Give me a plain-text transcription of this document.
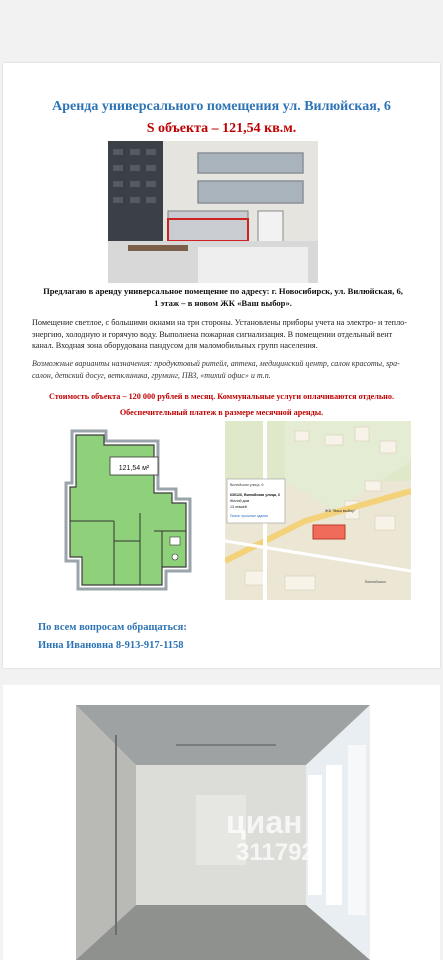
Аренда универсального помещения ул. Вилюйская, 6
S объекта – 121,54 кв.м.
Предлагаю в аренду универсальное помещение по адресу: г. Новосибирск, ул. Вилюйская, 6,
1 этаж – в новом ЖК «Ваш выбор».
Помещение светлое, с большими окнами на три стороны. Установлены приборы учета на электро- и тепло- энергию, холодную и горячую воду. Выполнена пожарная сигнализация. В помещении отдельный вент канал. Входная зона оборудована пандусом для маломобильных групп населения.
Возможные варианты назначения: продуктовый ритейл, аптека, медицинский центр, салон красоты, spa-салон, детский досуг, ветклиника, груминг, ПВЗ, «тихий офис» и т.п.
Стоимость объекта – 120 000 рублей в месяц. Коммунальные услуги оплачиваются отдельно.
Обеспечительный платеж в размере месячной аренды.
121,54 м²
ЖК "Ваш выбор"
Вилюйская
Вилюйская улица, 6
630126, Вилюйская улица, 6
Жилой дом
13 этажей
Поиск: прошлые здания
По всем вопросам обращаться:
Инна Ивановна 8-913-917-1158
циан
311792
